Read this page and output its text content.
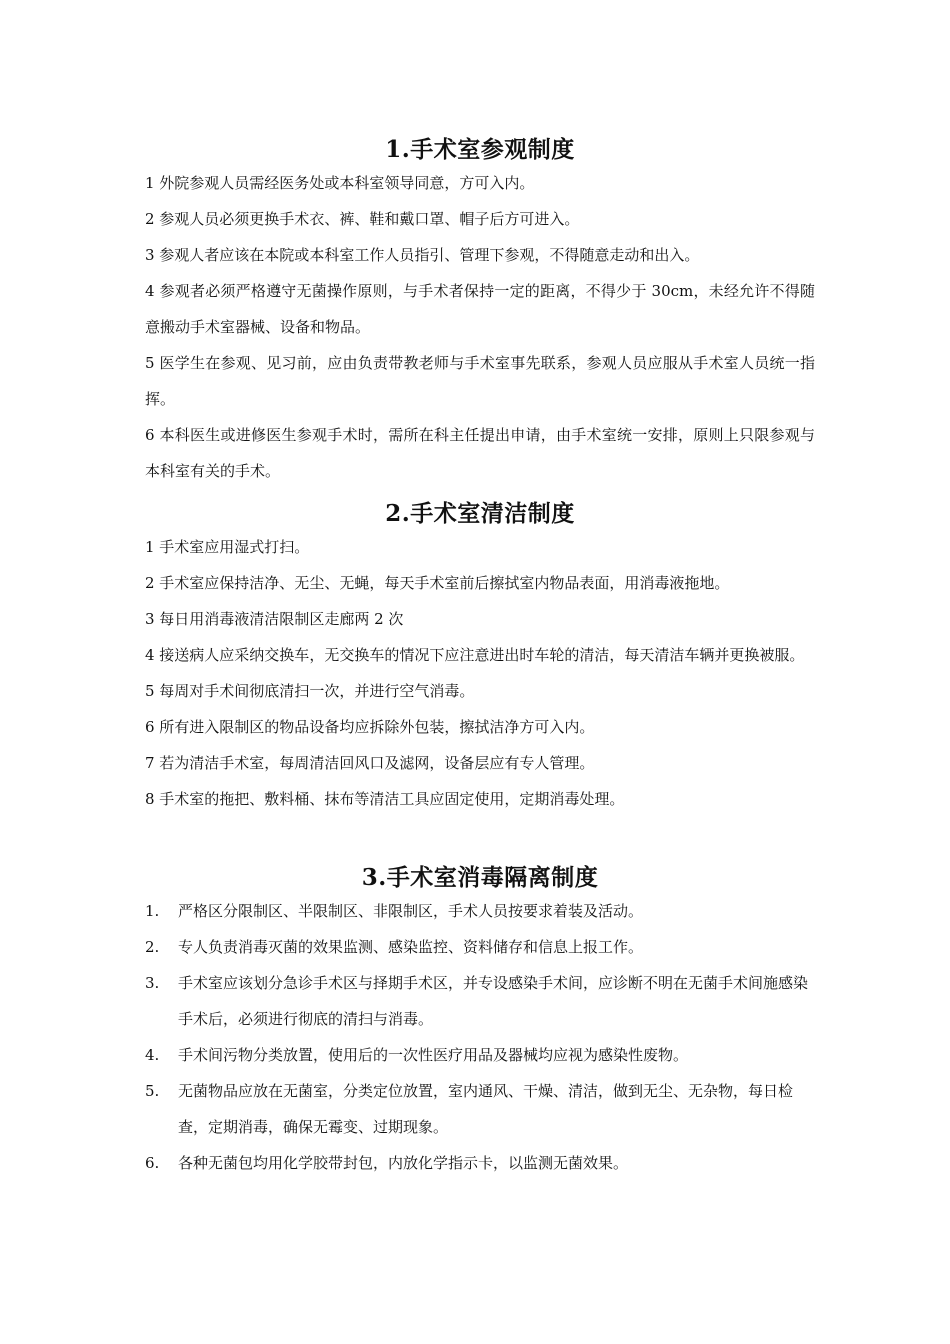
1.手术室参观制度

1 外院参观人员需经医务处或本科室领导同意，方可入内。

2 参观人员必须更换手术衣、裤、鞋和戴口罩、帽子后方可进入。

3 参观人者应该在本院或本科室工作人员指引、管理下参观，不得随意走动和出入。

4 参观者必须严格遵守无菌操作原则，与手术者保持一定的距离，不得少于 30cm，未经允许不得随意搬动手术室器械、设备和物品。

5 医学生在参观、见习前，应由负责带教老师与手术室事先联系，参观人员应服从手术室人员统一指挥。

6 本科医生或进修医生参观手术时，需所在科主任提出申请，由手术室统一安排，原则上只限参观与本科室有关的手术。

2.手术室清洁制度

1 手术室应用湿式打扫。

2 手术室应保持洁净、无尘、无蝇，每天手术室前后擦拭室内物品表面，用消毒液拖地。

3 每日用消毒液清洁限制区走廊两 2 次

4 接送病人应采纳交换车，无交换车的情况下应注意进出时车轮的清洁，每天清洁车辆并更换被服。

5 每周对手术间彻底清扫一次，并进行空气消毒。

6 所有进入限制区的物品设备均应拆除外包装，擦拭洁净方可入内。

7 若为清洁手术室，每周清洁回风口及滤网，设备层应有专人管理。

8 手术室的拖把、敷料桶、抹布等清洁工具应固定使用，定期消毒处理。

3.手术室消毒隔离制度
1. 严格区分限制区、半限制区、非限制区，手术人员按要求着装及活动。
2. 专人负责消毒灭菌的效果监测、感染监控、资料储存和信息上报工作。
3. 手术室应该划分急诊手术区与择期手术区，并专设感染手术间，应诊断不明在无菌手术间施感染手术后，必须进行彻底的清扫与消毒。
4. 手术间污物分类放置，使用后的一次性医疗用品及器械均应视为感染性废物。
5. 无菌物品应放在无菌室，分类定位放置，室内通风、干燥、清洁，做到无尘、无杂物，每日检查，定期消毒，确保无霉变、过期现象。
6. 各种无菌包均用化学胶带封包，内放化学指示卡，以监测无菌效果。
